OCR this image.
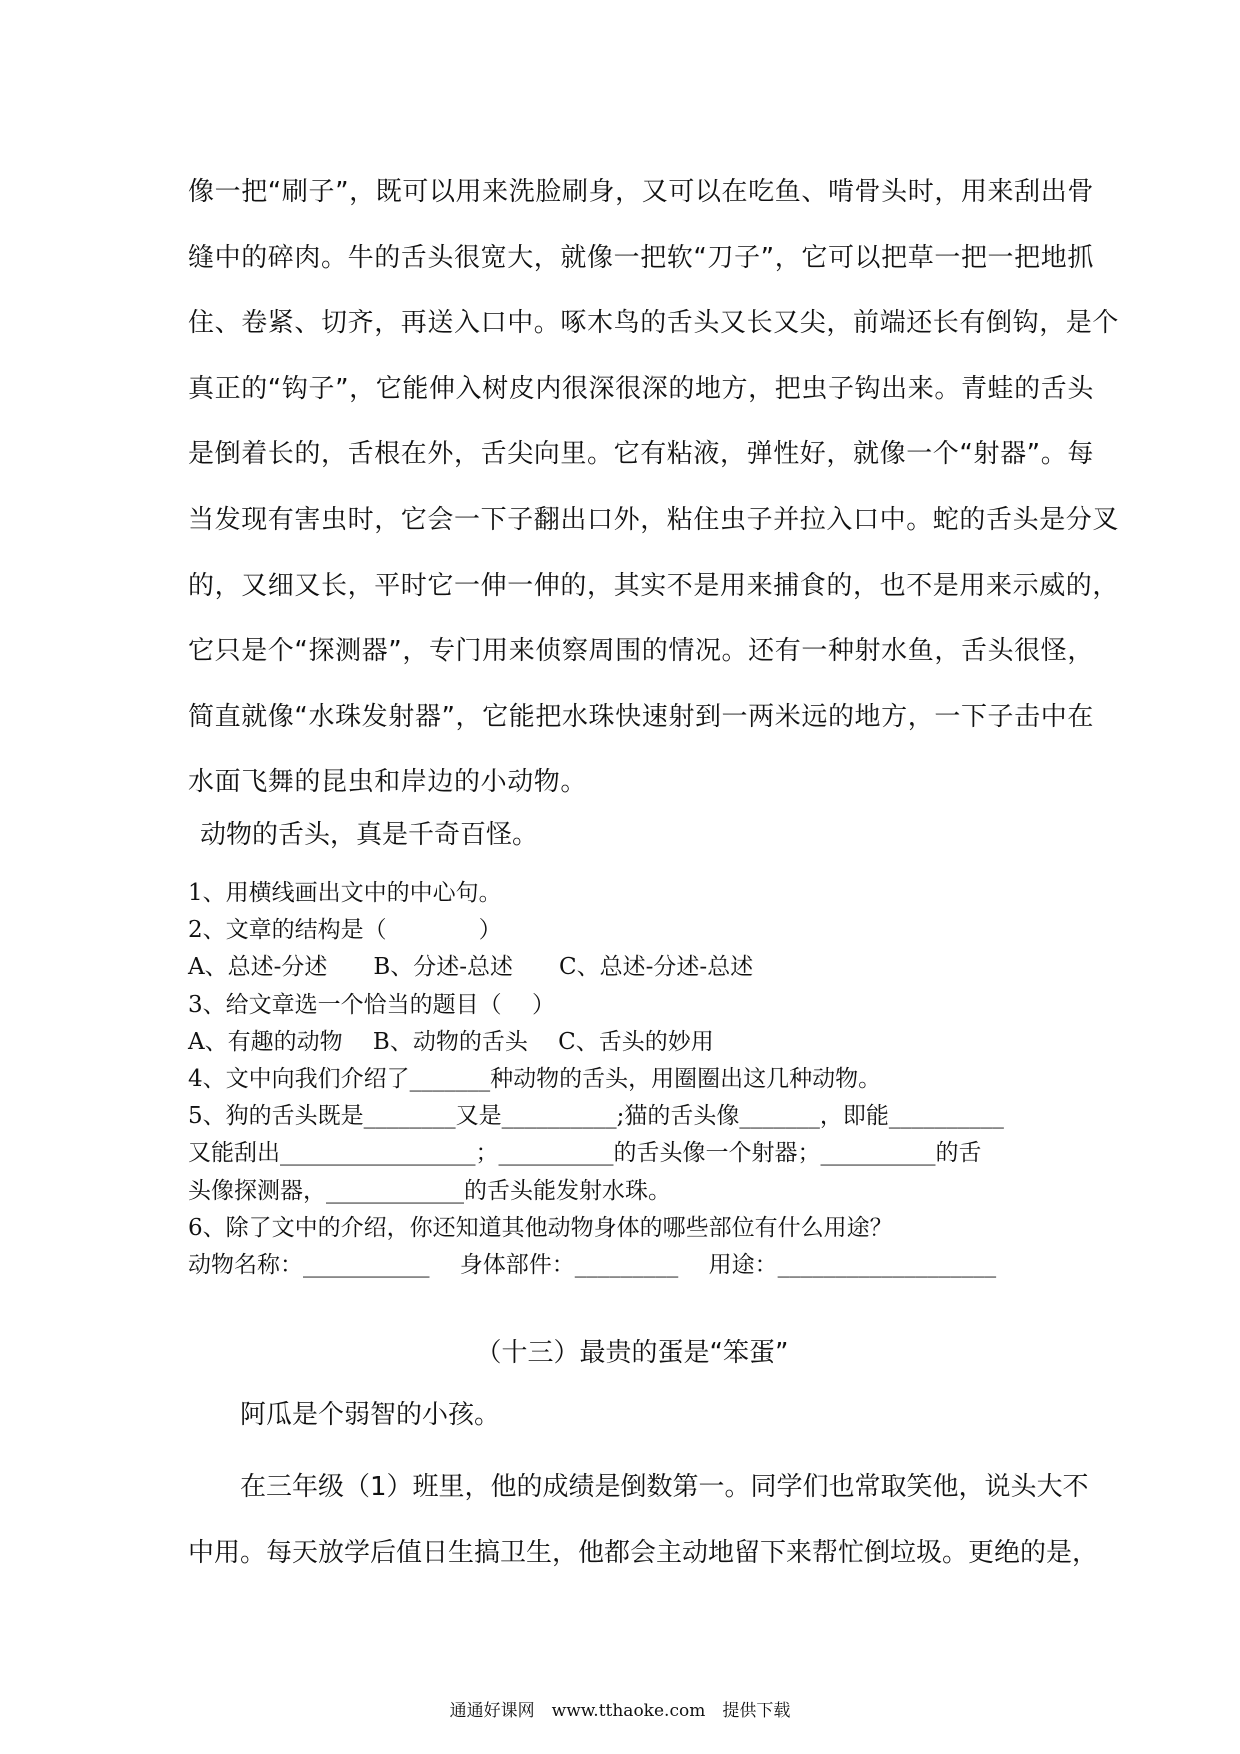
像一把“刷子”，既可以用来洗脸刷身，又可以在吃鱼、啃骨头时，用来刮出骨
缝中的碎肉。牛的舌头很宽大，就像一把软“刀子”，它可以把草一把一把地抓
住、卷紧、切齐，再送入口中。啄木鸟的舌头又长又尖，前端还长有倒钩，是个
真正的“钩子”，它能伸入树皮内很深很深的地方，把虫子钩出来。青蛙的舌头
是倒着长的，舌根在外，舌尖向里。它有粘液，弹性好，就像一个“射器”。每
当发现有害虫时，它会一下子翻出口外，粘住虫子并拉入口中。蛇的舌头是分叉
的，又细又长，平时它一伸一伸的，其实不是用来捕食的，也不是用来示威的，
它只是个“探测器”，专门用来侦察周围的情况。还有一种射水鱼，舌头很怪，
简直就像“水珠发射器”，它能把水珠快速射到一两米远的地方，一下子击中在
水面飞舞的昆虫和岸边的小动物。
动物的舌头，真是千奇百怪。
1、用横线画出文中的中心句。
2、文章的结构是（　　　　）
A、总述-分述　　B、分述-总述　　C、总述-分述-总述
3、给文章选一个恰当的题目（　 ）
A、有趣的动物　 B、动物的舌头　 C、舌头的妙用
4、文中向我们介绍了_______种动物的舌头，用圈圈出这几种动物。
5、狗的舌头既是________又是__________;猫的舌头像_______，即能__________
又能刮出_________________；__________的舌头像一个射器；__________的舌
头像探测器，____________的舌头能发射水珠。
6、除了文中的介绍，你还知道其他动物身体的哪些部位有什么用途？
动物名称：___________　 身体部件：_________　 用途：___________________
（十三）最贵的蛋是“笨蛋”
　　阿瓜是个弱智的小孩。
　　在三年级（1）班里，他的成绩是倒数第一。同学们也常取笑他，说头大不
中用。每天放学后值日生搞卫生，他都会主动地留下来帮忙倒垃圾。更绝的是，
通通好课网　www.tthaoke.com　提供下载
